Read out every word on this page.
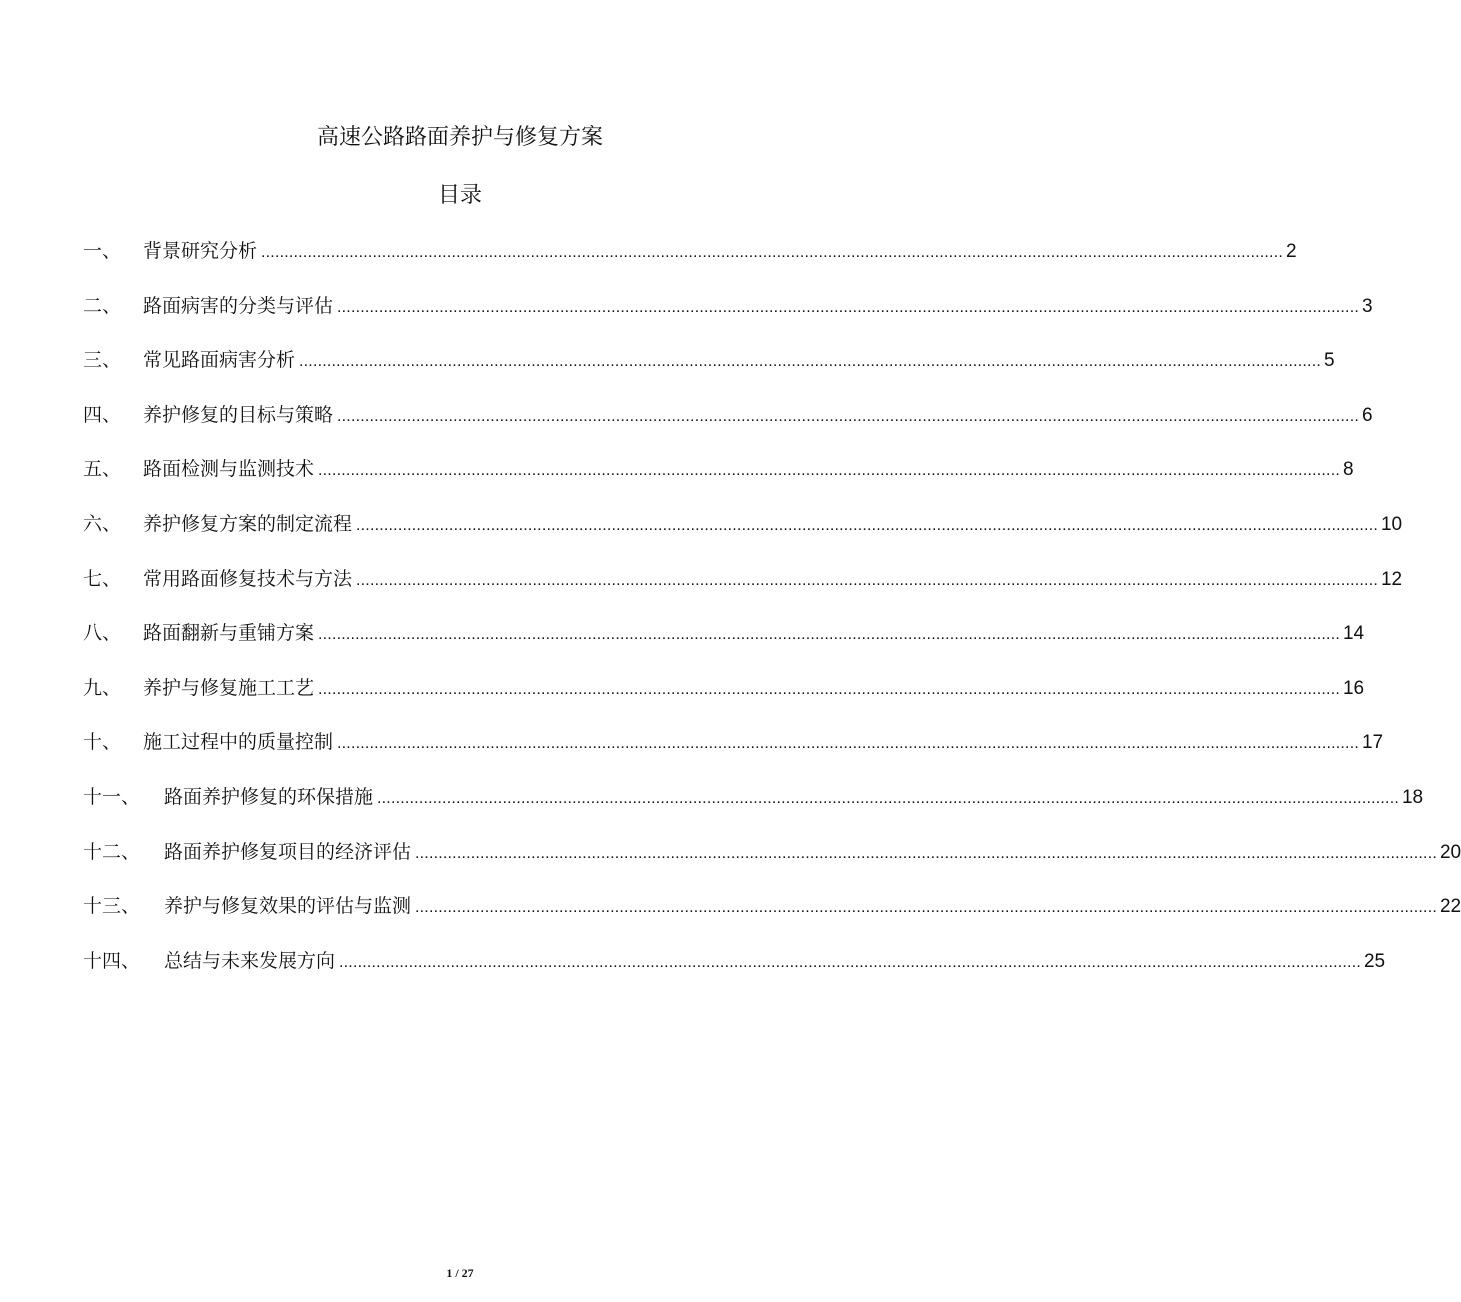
高速公路路面养护与修复方案
目录
一、	背景研究分析 ............................................................................................................................................................................................................................ 2
二、	路面病害的分类与评估 ............................................................................................................................................................................................................................ 3
三、	常见路面病害分析 ............................................................................................................................................................................................................................ 5
四、	养护修复的目标与策略 ............................................................................................................................................................................................................................ 6
五、	路面检测与监测技术 ............................................................................................................................................................................................................................ 8
六、	养护修复方案的制定流程 ............................................................................................................................................................................................................................ 10
七、	常用路面修复技术与方法 ............................................................................................................................................................................................................................ 12
八、	路面翻新与重铺方案 ............................................................................................................................................................................................................................ 14
九、	养护与修复施工工艺 ............................................................................................................................................................................................................................ 16
十、	施工过程中的质量控制 ............................................................................................................................................................................................................................ 17
十一、	路面养护修复的环保措施 ............................................................................................................................................................................................................................ 18
十二、	路面养护修复项目的经济评估 ............................................................................................................................................................................................................................ 20
十三、	养护与修复效果的评估与监测 ............................................................................................................................................................................................................................ 22
十四、	总结与未来发展方向 ............................................................................................................................................................................................................................ 25
1 / 27
